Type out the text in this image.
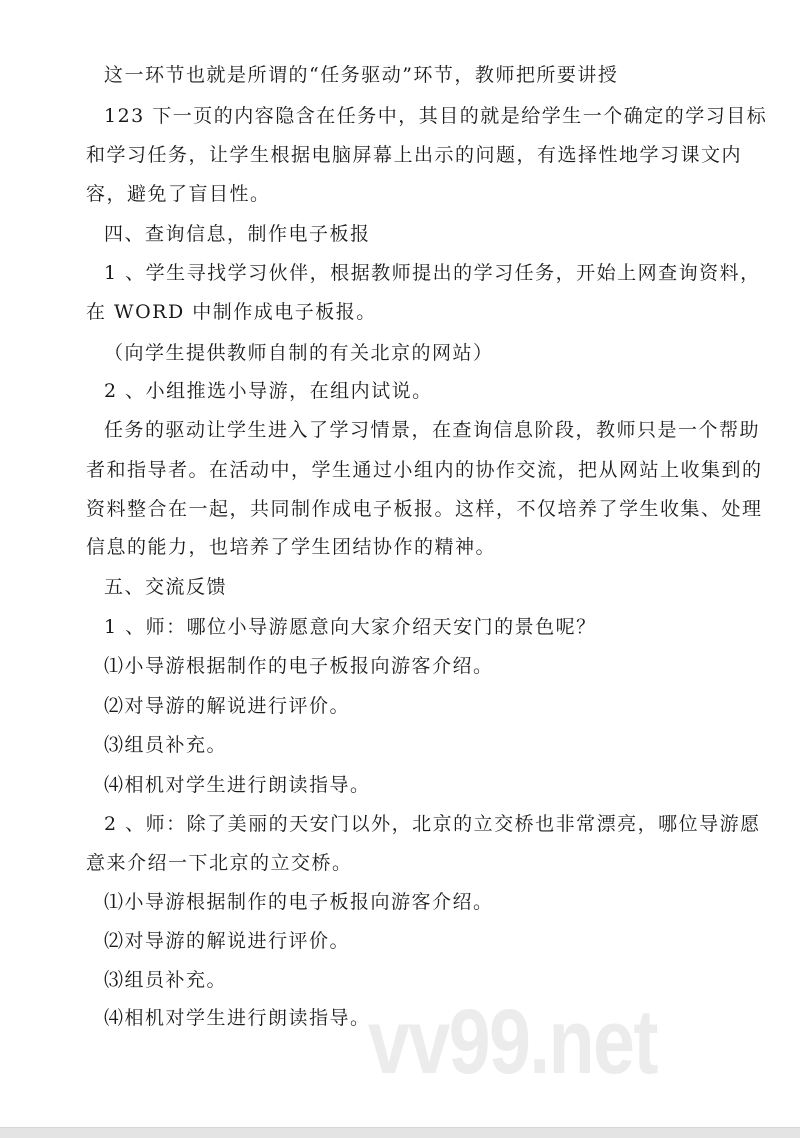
这一环节也就是所谓的“任务驱动”环节，教师把所要讲授
123 下一页的内容隐含在任务中，其目的就是给学生一个确定的学习目标
和学习任务，让学生根据电脑屏幕上出示的问题，有选择性地学习课文内
容，避免了盲目性。
四、查询信息，制作电子板报
1 、学生寻找学习伙伴，根据教师提出的学习任务，开始上网查询资料，
在 WORD 中制作成电子板报。
（向学生提供教师自制的有关北京的网站）
2 、小组推选小导游，在组内试说。
任务的驱动让学生进入了学习情景，在查询信息阶段，教师只是一个帮助
者和指导者。在活动中，学生通过小组内的协作交流，把从网站上收集到的
资料整合在一起，共同制作成电子板报。这样，不仅培养了学生收集、处理
信息的能力，也培养了学生团结协作的精神。
五、交流反馈
1 、师：哪位小导游愿意向大家介绍天安门的景色呢？
⑴小导游根据制作的电子板报向游客介绍。
⑵对导游的解说进行评价。
⑶组员补充。
⑷相机对学生进行朗读指导。
2 、师：除了美丽的天安门以外，北京的立交桥也非常漂亮，哪位导游愿
意来介绍一下北京的立交桥。
⑴小导游根据制作的电子板报向游客介绍。
⑵对导游的解说进行评价。
⑶组员补充。
⑷相机对学生进行朗读指导。
vv99.net
